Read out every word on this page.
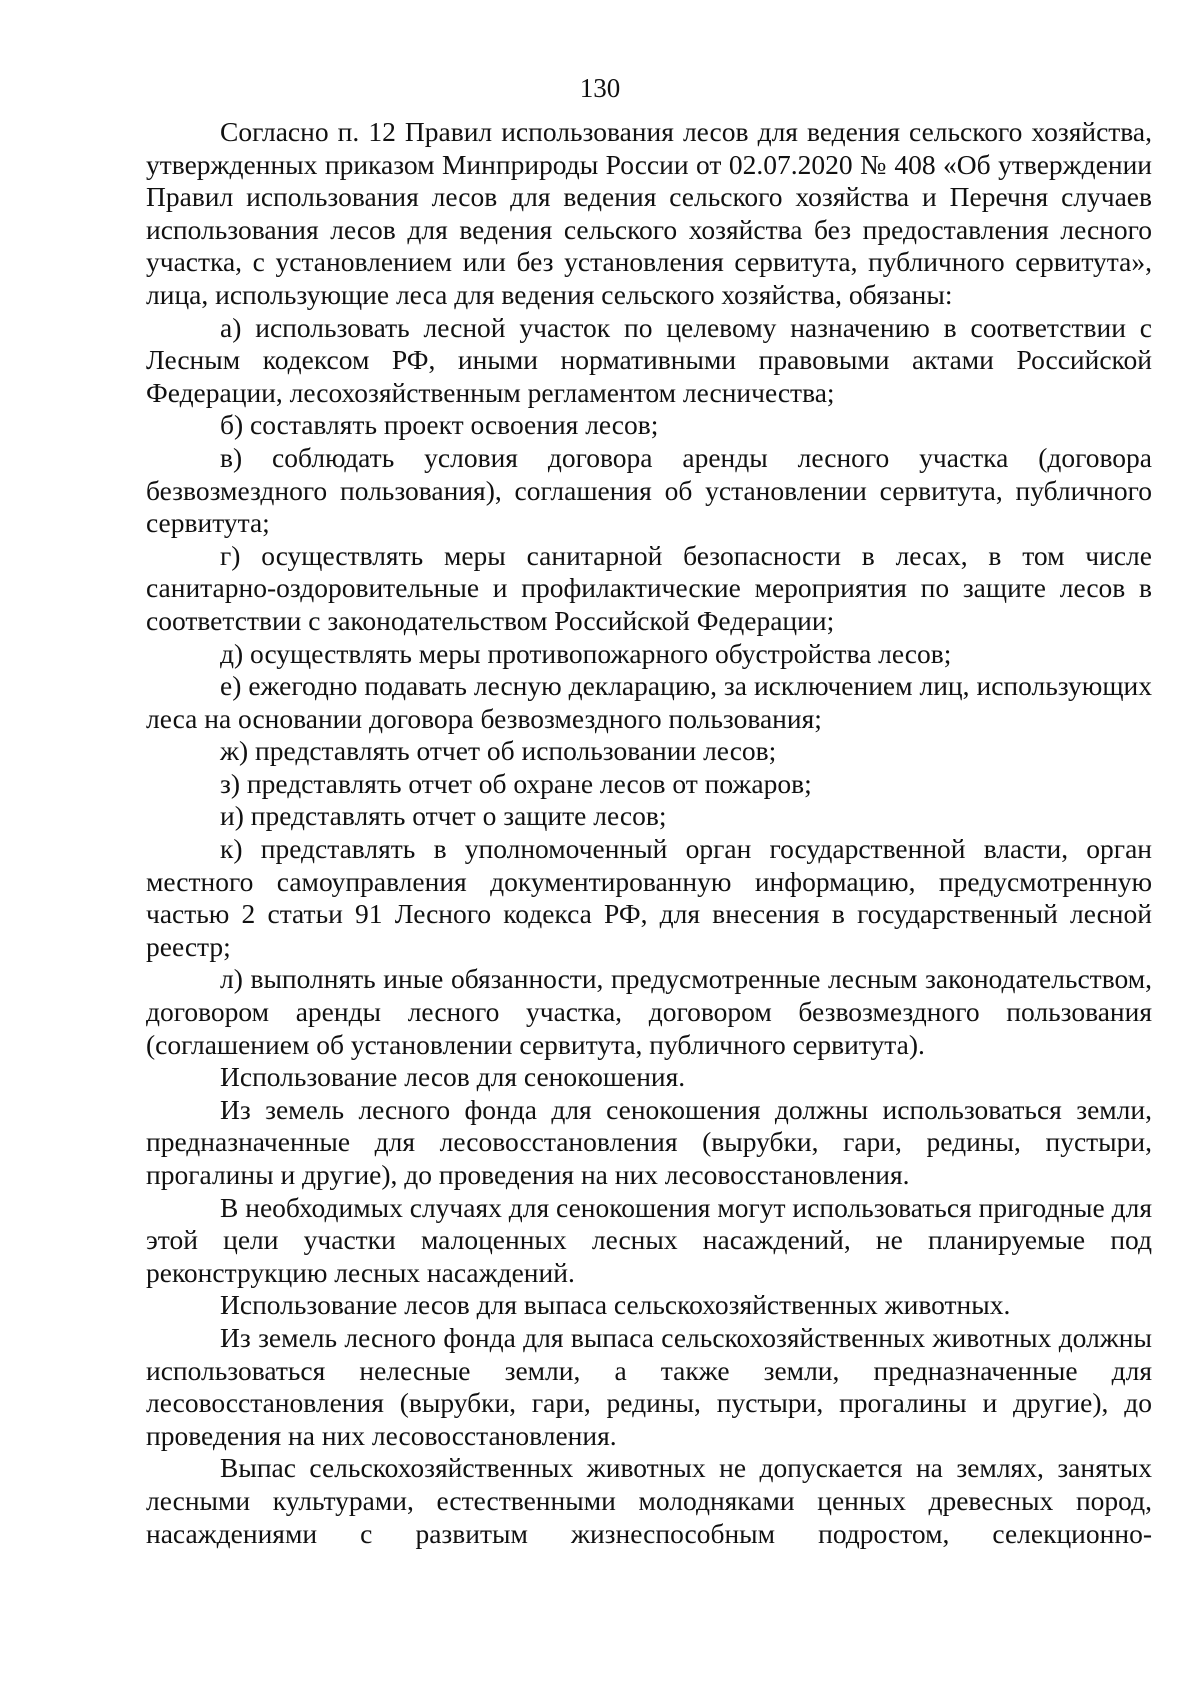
130

Согласно п. 12 Правил использования лесов для ведения сельского хозяйства, утвержденных приказом Минприроды России от 02.07.2020 № 408 «Об утверждении Правил использования лесов для ведения сельского хозяйства и Перечня случаев использования лесов для ведения сельского хозяйства без предоставления лесного участка, с установлением или без установления сервитута, публичного сервитута», лица, использующие леса для ведения сельского хозяйства, обязаны:

а) использовать лесной участок по целевому назначению в соответствии с Лесным кодексом РФ, иными нормативными правовыми актами Российской Федерации, лесохозяйственным регламентом лесничества;

б) составлять проект освоения лесов;

в) соблюдать условия договора аренды лесного участка (договора безвозмездного пользования), соглашения об установлении сервитута, публичного сервитута;

г) осуществлять меры санитарной безопасности в лесах, в том числе санитарно-оздоровительные и профилактические мероприятия по защите лесов в соответствии с законодательством Российской Федерации;

д) осуществлять меры противопожарного обустройства лесов;

е) ежегодно подавать лесную декларацию, за исключением лиц, использующих леса на основании договора безвозмездного пользования;

ж) представлять отчет об использовании лесов;

з) представлять отчет об охране лесов от пожаров;

и) представлять отчет о защите лесов;

к) представлять в уполномоченный орган государственной власти, орган местного самоуправления документированную информацию, предусмотренную частью 2 статьи 91 Лесного кодекса РФ, для внесения в государственный лесной реестр;

л) выполнять иные обязанности, предусмотренные лесным законодательством, договором аренды лесного участка, договором безвозмездного пользования (соглашением об установлении сервитута, публичного сервитута).

Использование лесов для сенокошения.

Из земель лесного фонда для сенокошения должны использоваться земли, предназначенные для лесовосстановления (вырубки, гари, редины, пустыри, прогалины и другие), до проведения на них лесовосстановления.

В необходимых случаях для сенокошения могут использоваться пригодные для этой цели участки малоценных лесных насаждений, не планируемые под реконструкцию лесных насаждений.

Использование лесов для выпаса сельскохозяйственных животных.

Из земель лесного фонда для выпаса сельскохозяйственных животных должны использоваться нелесные земли, а также земли, предназначенные для лесовосстановления (вырубки, гари, редины, пустыри, прогалины и другие), до проведения на них лесовосстановления.

Выпас сельскохозяйственных животных не допускается на землях, занятых лесными культурами, естественными молодняками ценных древесных пород, насаждениями с развитым жизнеспособным подростом, селекционно-
